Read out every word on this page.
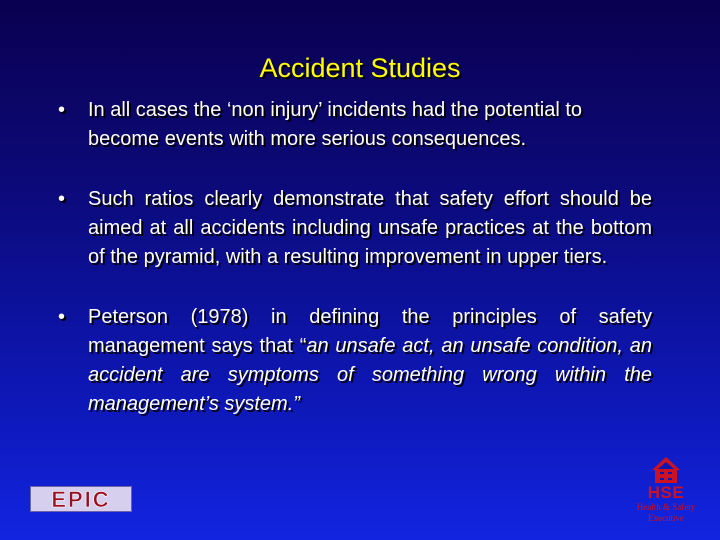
Accident Studies
• In all cases the ‘non injury’ incidents had the potential to become events with more serious consequences.
• Such ratios clearly demonstrate that safety effort should be aimed at all accidents including unsafe practices at the bottom of the pyramid, with a resulting improvement in upper tiers.
• Peterson (1978) in defining the principles of safety management says that “an unsafe act, an unsafe condition, an accident are symptoms of something wrong within the management’s system.”
EPIC	HSE
Health & Safety
Executive
